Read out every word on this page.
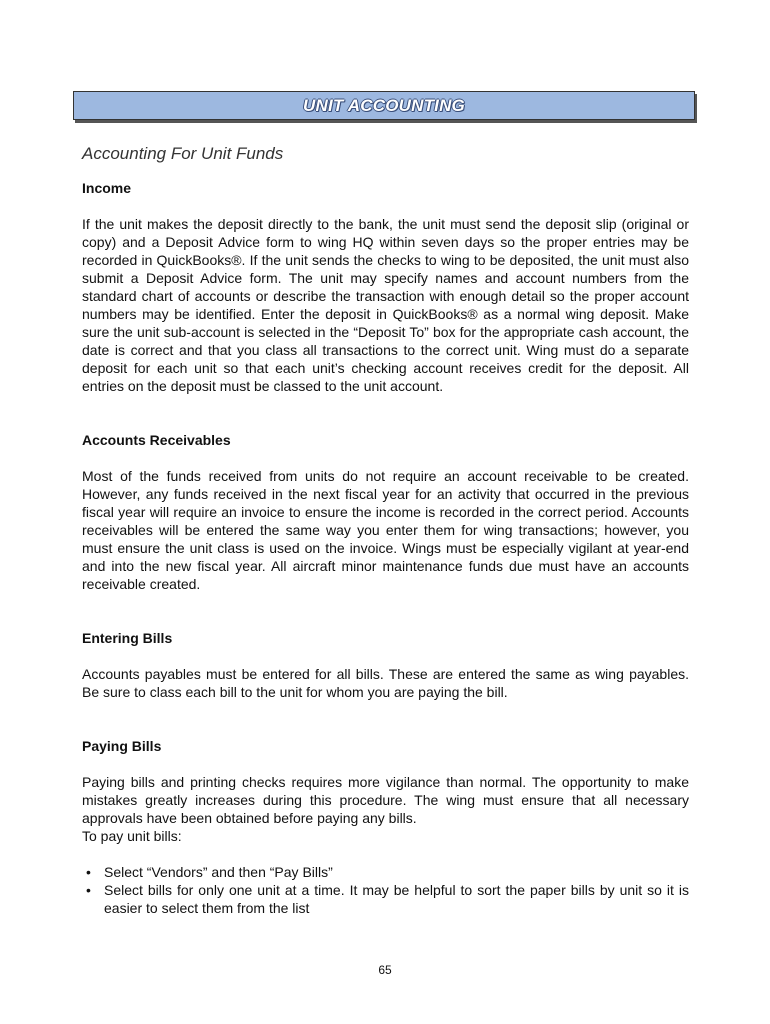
UNIT ACCOUNTING

Accounting For Unit Funds

Income

If the unit makes the deposit directly to the bank, the unit must send the deposit slip (original or copy) and a Deposit Advice form to wing HQ within seven days so the proper entries may be recorded in QuickBooks®. If the unit sends the checks to wing to be deposited, the unit must also submit a Deposit Advice form. The unit may specify names and account numbers from the standard chart of accounts or describe the transaction with enough detail so the proper account numbers may be identified. Enter the deposit in QuickBooks® as a normal wing deposit. Make sure the unit sub-account is selected in the “Deposit To” box for the appropriate cash account, the date is correct and that you class all transactions to the correct unit. Wing must do a separate deposit for each unit so that each unit’s checking account receives credit for the deposit. All entries on the deposit must be classed to the unit account.

Accounts Receivables

Most of the funds received from units do not require an account receivable to be created. However, any funds received in the next fiscal year for an activity that occurred in the previous fiscal year will require an invoice to ensure the income is recorded in the correct period. Accounts receivables will be entered the same way you enter them for wing transactions; however, you must ensure the unit class is used on the invoice. Wings must be especially vigilant at year-end and into the new fiscal year. All aircraft minor maintenance funds due must have an accounts receivable created.

Entering Bills

Accounts payables must be entered for all bills. These are entered the same as wing payables. Be sure to class each bill to the unit for whom you are paying the bill.

Paying Bills

Paying bills and printing checks requires more vigilance than normal. The opportunity to make mistakes greatly increases during this procedure. The wing must ensure that all necessary approvals have been obtained before paying any bills.

To pay unit bills:

• Select “Vendors” and then “Pay Bills”
• Select bills for only one unit at a time. It may be helpful to sort the paper bills by unit so it is easier to select them from the list
65
